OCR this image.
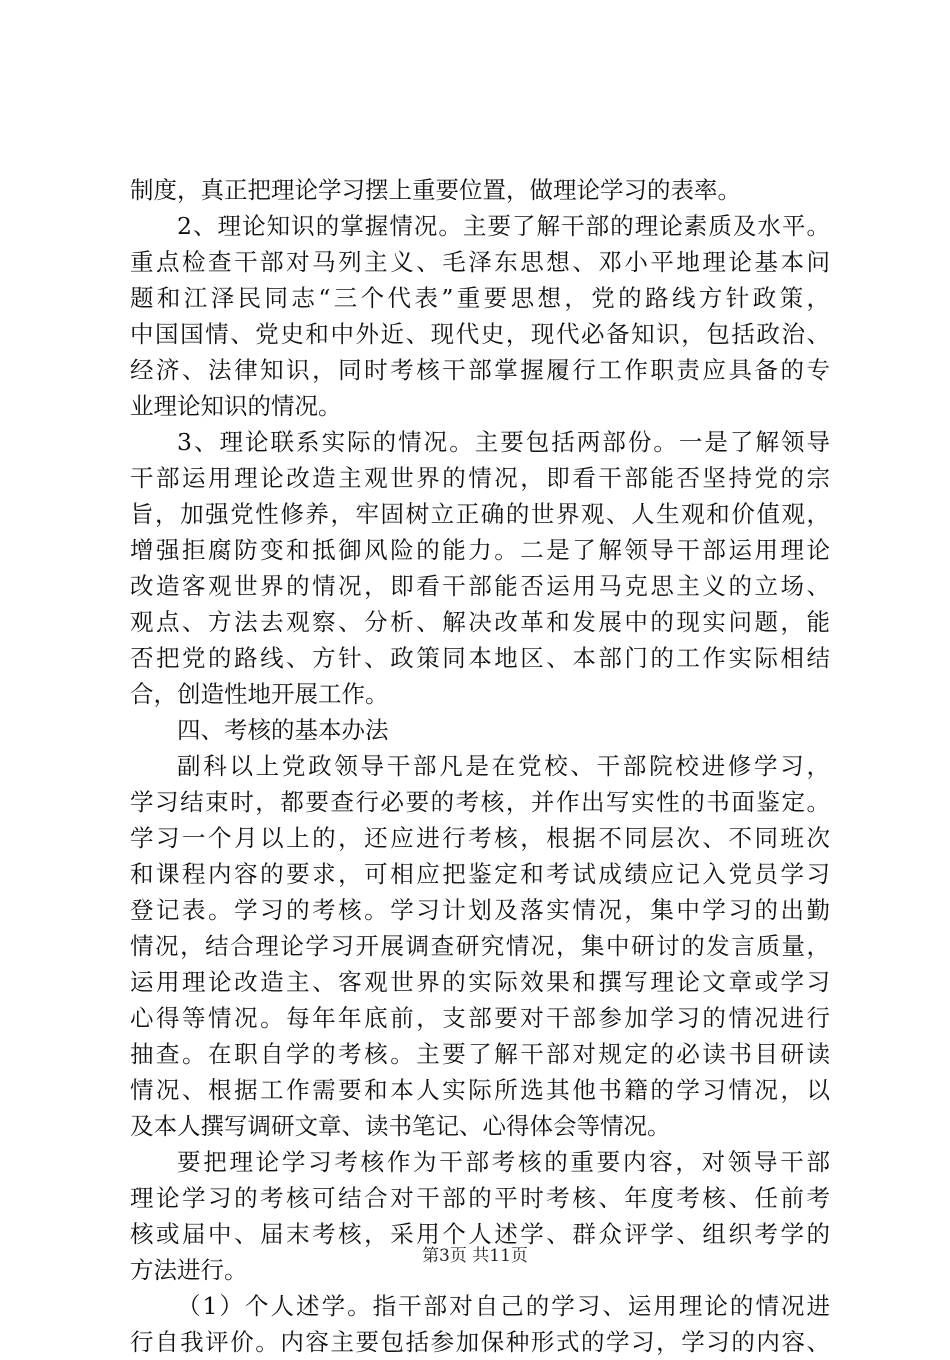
制度，真正把理论学习摆上重要位置，做理论学习的表率。
2、理论知识的掌握情况。主要了解干部的理论素质及水平。
重点检查干部对马列主义、毛泽东思想、邓小平地理论基本问
题和江泽民同志“三个代表”重要思想，党的路线方针政策，
中国国情、党史和中外近、现代史，现代必备知识，包括政治、
经济、法律知识，同时考核干部掌握履行工作职责应具备的专
业理论知识的情况。
3、理论联系实际的情况。主要包括两部份。一是了解领导
干部运用理论改造主观世界的情况，即看干部能否坚持党的宗
旨，加强党性修养，牢固树立正确的世界观、人生观和价值观，
增强拒腐防变和抵御风险的能力。二是了解领导干部运用理论
改造客观世界的情况，即看干部能否运用马克思主义的立场、
观点、方法去观察、分析、解决改革和发展中的现实问题，能
否把党的路线、方针、政策同本地区、本部门的工作实际相结
合，创造性地开展工作。
四、考核的基本办法
副科以上党政领导干部凡是在党校、干部院校进修学习，
学习结束时，都要查行必要的考核，并作出写实性的书面鉴定。
学习一个月以上的，还应进行考核，根据不同层次、不同班次
和课程内容的要求，可相应把鉴定和考试成绩应记入党员学习
登记表。学习的考核。学习计划及落实情况，集中学习的出勤
情况，结合理论学习开展调查研究情况，集中研讨的发言质量，
运用理论改造主、客观世界的实际效果和撰写理论文章或学习
心得等情况。每年年底前，支部要对干部参加学习的情况进行
抽查。在职自学的考核。主要了解干部对规定的必读书目研读
情况、根据工作需要和本人实际所选其他书籍的学习情况，以
及本人撰写调研文章、读书笔记、心得体会等情况。
要把理论学习考核作为干部考核的重要内容，对领导干部
理论学习的考核可结合对干部的平时考核、年度考核、任前考
核或届中、届末考核，采用个人述学、群众评学、组织考学的
方法进行。
（1）个人述学。指干部对自己的学习、运用理论的情况进
行自我评价。内容主要包括参加保种形式的学习，学习的内容、
第3页 共11页
